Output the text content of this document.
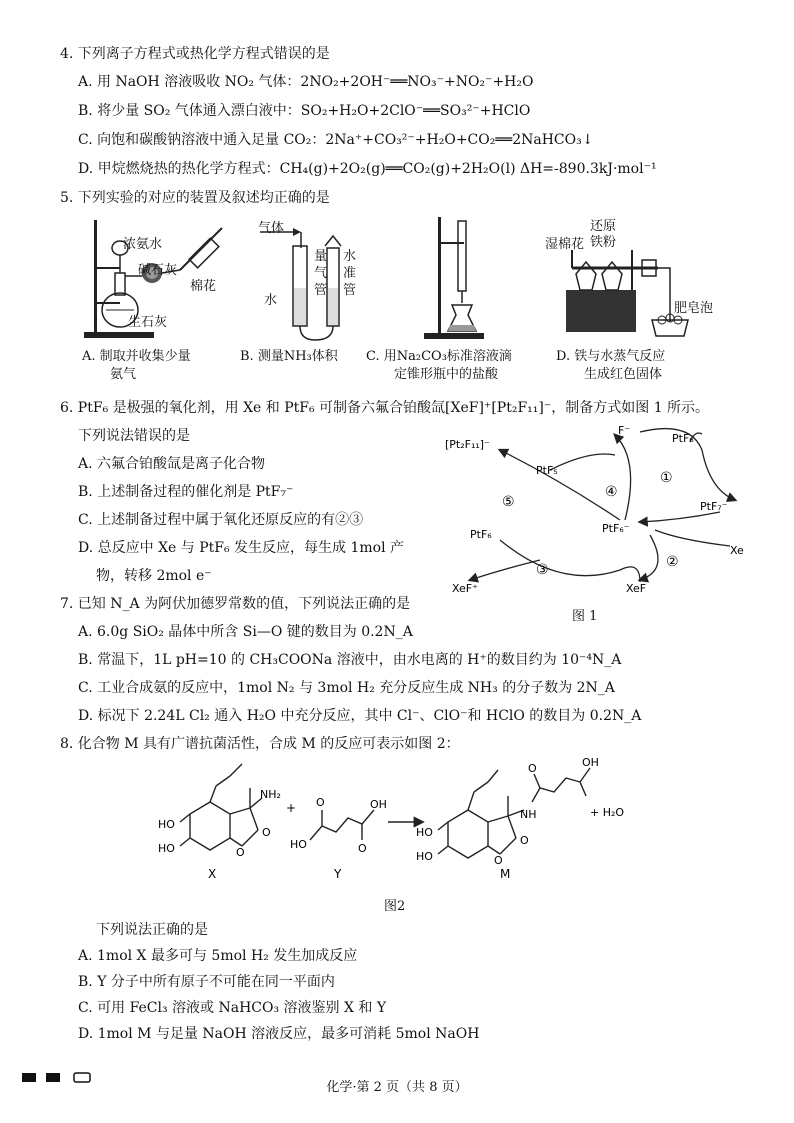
4. 下列离子方程式或热化学方程式错误的是
A. 用 NaOH 溶液吸收 NO₂ 气体：2NO₂+2OH⁻══NO₃⁻+NO₂⁻+H₂O
B. 将少量 SO₂ 气体通入漂白液中：SO₂+H₂O+2ClO⁻══SO₃²⁻+HClO
C. 向饱和碳酸钠溶液中通入足量 CO₂：2Na⁺+CO₃²⁻+H₂O+CO₂══2NaHCO₃↓
D. 甲烷燃烧热的热化学方程式：CH₄(g)+2O₂(g)══CO₂(g)+2H₂O(l) ΔH=-890.3kJ·mol⁻¹
5. 下列实验的对应的装置及叙述均正确的是
浓氨水
碱石灰
棉花
生石灰
A. 制取并收集少量
氨气
气体
水
量气管
水准管
B. 测量NH₃体积 C. 用Na₂CO₃标准溶液滴
定锥形瓶中的盐酸
湿棉花
还原
铁粉
肥皂泡
D. 铁与水蒸气反应
生成红色固体
6. PtF₆ 是极强的氧化剂，用 Xe 和 PtF₆ 可制备六氟合铂酸氙[XeF]⁺[Pt₂F₁₁]⁻，制备方式如图 1 所示。
下列说法错误的是
A. 六氟合铂酸氙是离子化合物
B. 上述制备过程的催化剂是 PtF₇⁻
C. 上述制备过程中属于氧化还原反应的有②③
D. 总反应中 Xe 与 PtF₆ 发生反应，每生成 1mol 产
物，转移 2mol e⁻
[Pt₂F₁₁]⁻
F⁻
PtF₆
PtF₅
PtF₇⁻
PtF₆⁻
PtF₆
Xe
XeF⁺	XeF
①
②
③
④
⑤
图 1
7. 已知 N_A 为阿伏加德罗常数的值，下列说法正确的是
A. 6.0g SiO₂ 晶体中所含 Si—O 键的数目为 0.2N_A
B. 常温下，1L pH=10 的 CH₃COONa 溶液中，由水电离的 H⁺的数目约为 10⁻⁴N_A
C. 工业合成氨的反应中，1mol N₂ 与 3mol H₂ 充分反应生成 NH₃ 的分子数为 2N_A
D. 标况下 2.24L Cl₂ 通入 H₂O 中充分反应，其中 Cl⁻、ClO⁻和 HClO 的数目为 0.2N_A
8. 化合物 M 具有广谱抗菌活性，合成 M 的反应可表示如图 2：
HO
HO
NH₂
O
O
X
+	OH
O
O
HO
Y
HO
HO
NH
O
O
O
OH
+ H₂O
M
图2
下列说法正确的是
A. 1mol X 最多可与 5mol H₂ 发生加成反应
B. Y 分子中所有原子不可能在同一平面内
C. 可用 FeCl₃ 溶液或 NaHCO₃ 溶液鉴别 X 和 Y
D. 1mol M 与足量 NaOH 溶液反应，最多可消耗 5mol NaOH
化学·第 2 页（共 8 页）
